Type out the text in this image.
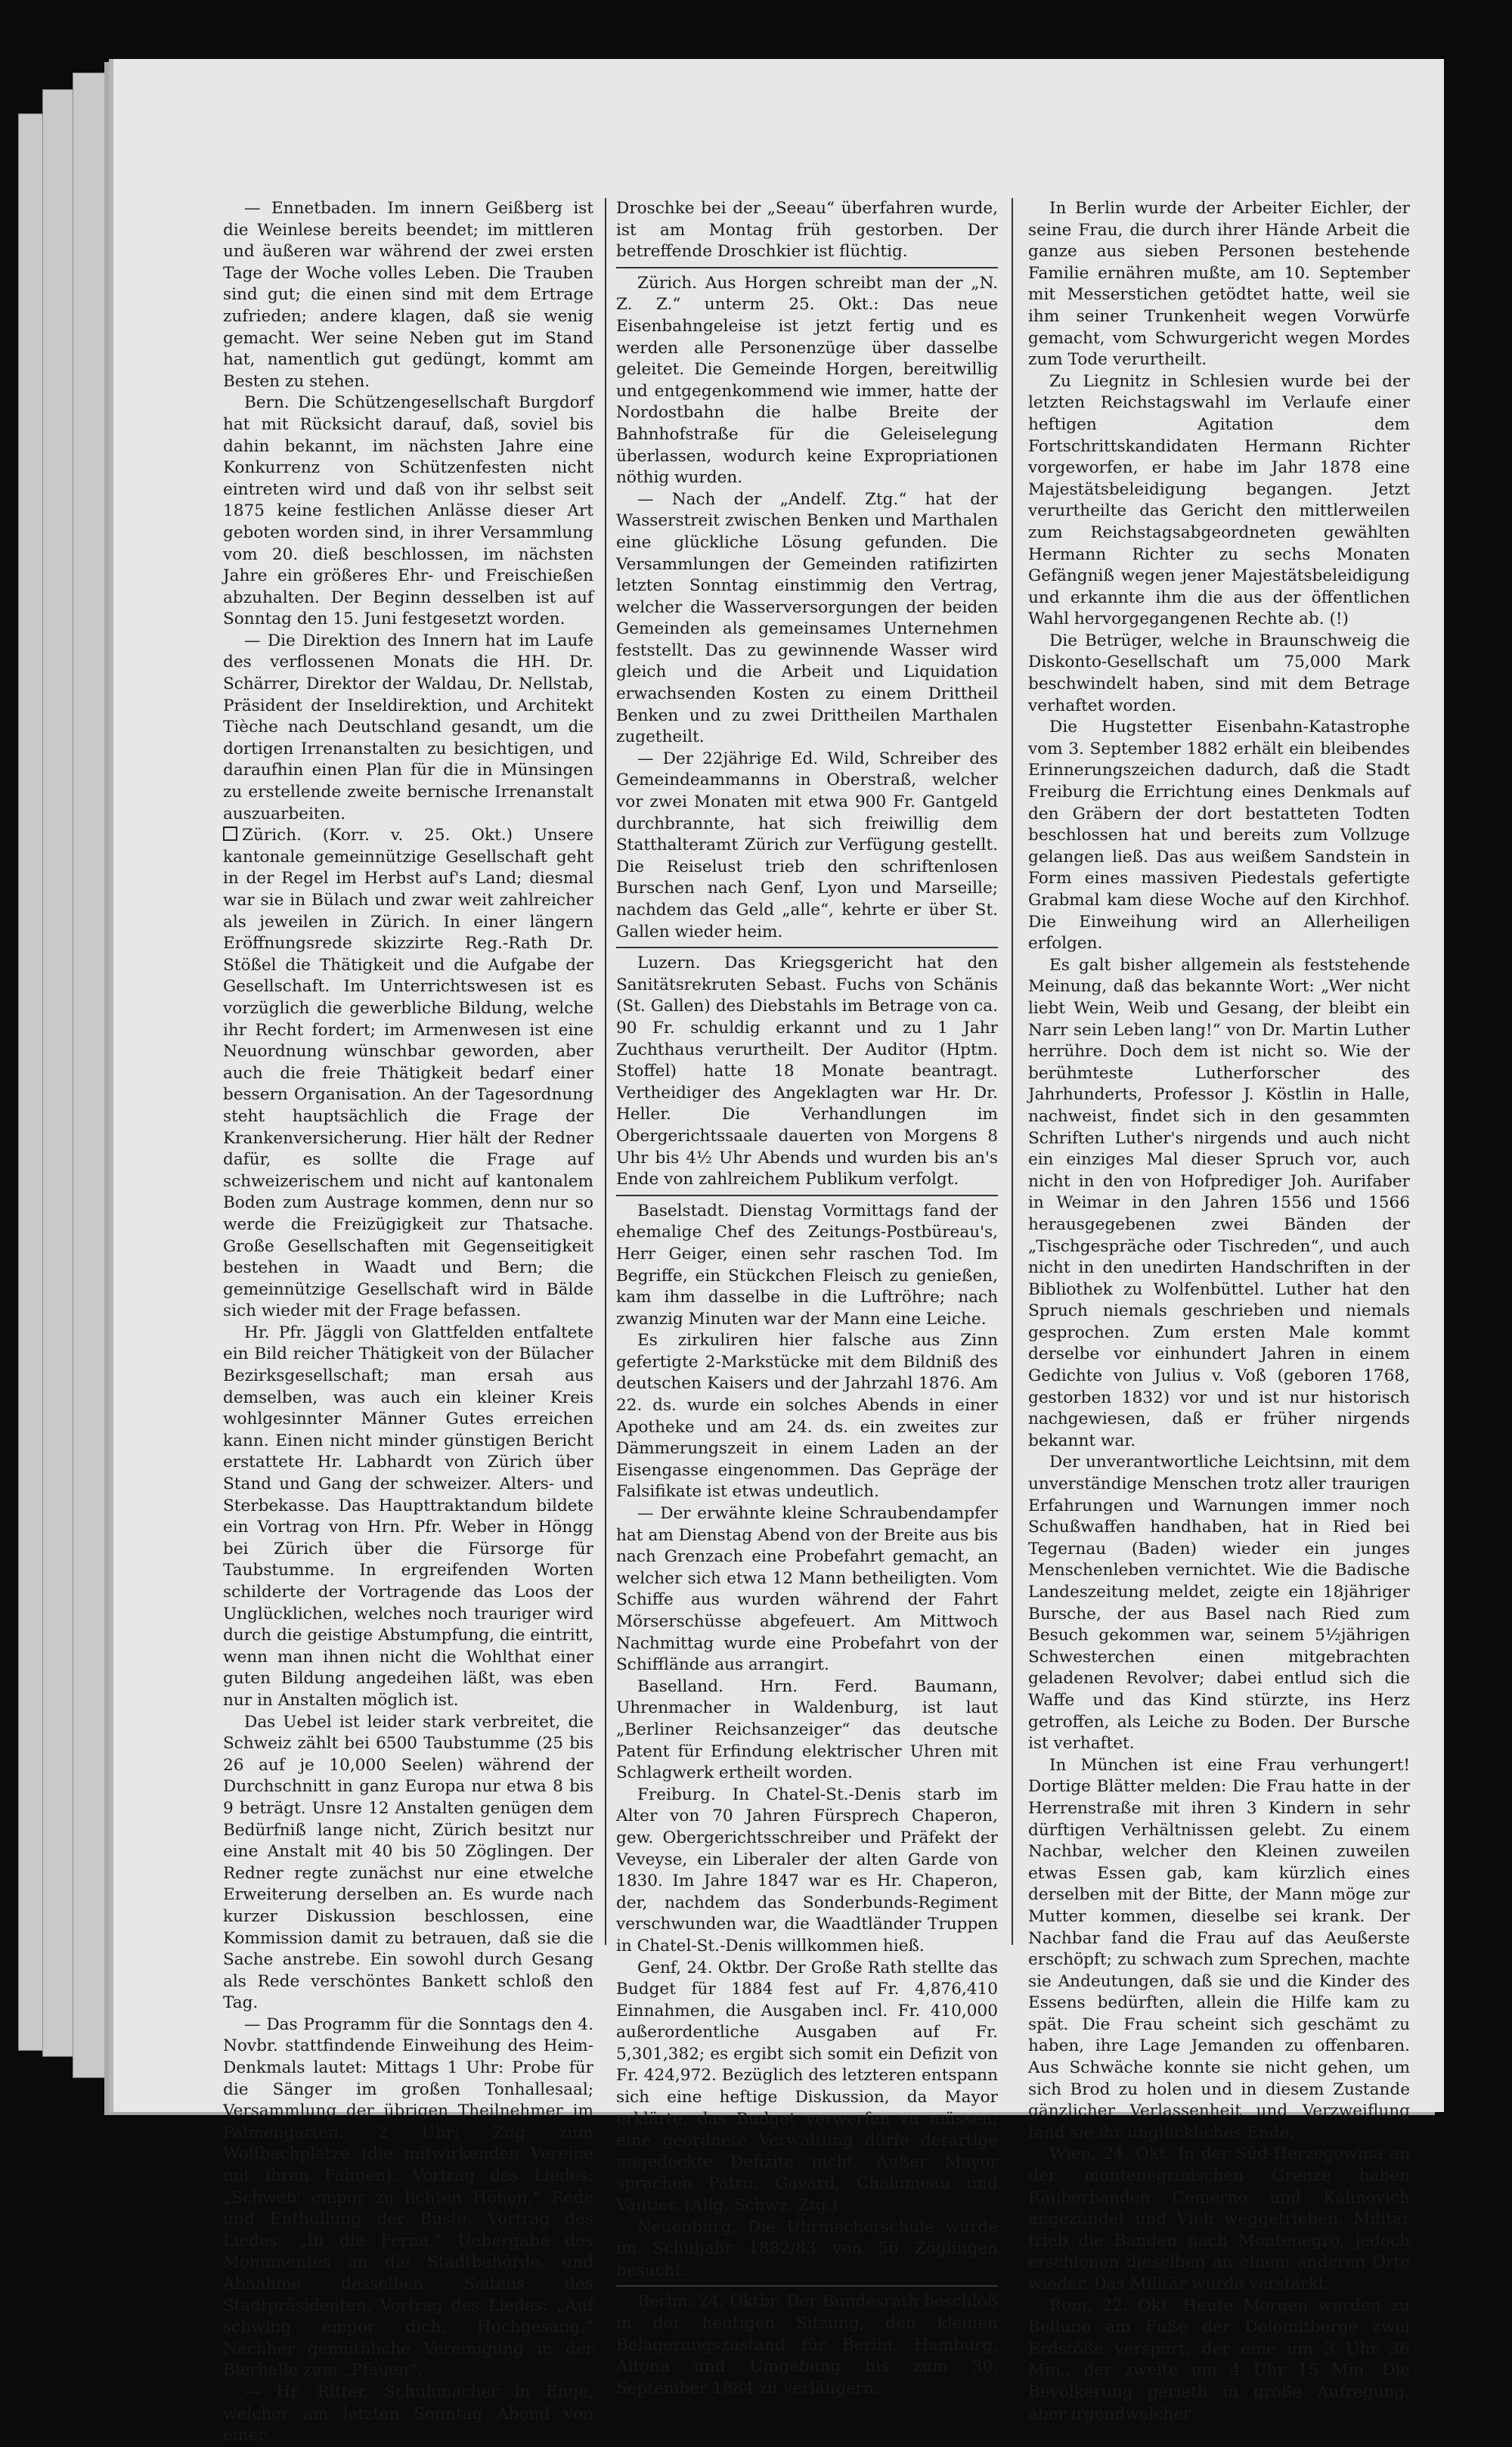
— Ennetbaden. Im innern Geißberg ist die Weinlese bereits beendet; im mittleren und äußeren war während der zwei ersten Tage der Woche volles Leben. Die Trauben sind gut; die einen sind mit dem Ertrage zufrieden; andere klagen, daß sie wenig gemacht. Wer seine Neben gut im Stand hat, namentlich gut gedüngt, kommt am Besten zu stehen.

Bern. Die Schützengesellschaft Burgdorf hat mit Rücksicht darauf, daß, soviel bis dahin bekannt, im nächsten Jahre eine Konkurrenz von Schützenfesten nicht eintreten wird und daß von ihr selbst seit 1875 keine festlichen Anlässe dieser Art geboten worden sind, in ihrer Versammlung vom 20. dieß beschlossen, im nächsten Jahre ein größeres Ehr- und Freischießen abzuhalten. Der Beginn desselben ist auf Sonntag den 15. Juni festgesetzt worden.

— Die Direktion des Innern hat im Laufe des verflossenen Monats die HH. Dr. Schärrer, Direktor der Waldau, Dr. Nellstab, Präsident der Inseldirektion, und Architekt Tièche nach Deutschland gesandt, um die dortigen Irrenanstalten zu besichtigen, und daraufhin einen Plan für die in Münsingen zu erstellende zweite bernische Irrenanstalt auszuarbeiten.

Zürich. (Korr. v. 25. Okt.) Unsere kantonale gemeinnützige Gesellschaft geht in der Regel im Herbst auf's Land; diesmal war sie in Bülach und zwar weit zahlreicher als jeweilen in Zürich. In einer längern Eröffnungsrede skizzirte Reg.-Rath Dr. Stößel die Thätigkeit und die Aufgabe der Gesellschaft. Im Unterrichtswesen ist es vorzüglich die gewerbliche Bildung, welche ihr Recht fordert; im Armenwesen ist eine Neuordnung wünschbar geworden, aber auch die freie Thätigkeit bedarf einer bessern Organisation. An der Tagesordnung steht hauptsächlich die Frage der Krankenversicherung. Hier hält der Redner dafür, es sollte die Frage auf schweizerischem und nicht auf kantonalem Boden zum Austrage kommen, denn nur so werde die Freizügigkeit zur Thatsache. Große Gesellschaften mit Gegenseitigkeit bestehen in Waadt und Bern; die gemeinnützige Gesellschaft wird in Bälde sich wieder mit der Frage befassen.

Hr. Pfr. Jäggli von Glattfelden entfaltete ein Bild reicher Thätigkeit von der Bülacher Bezirksgesellschaft; man ersah aus demselben, was auch ein kleiner Kreis wohlgesinnter Männer Gutes erreichen kann. Einen nicht minder günstigen Bericht erstattete Hr. Labhardt von Zürich über Stand und Gang der schweizer. Alters- und Sterbekasse. Das Haupttraktandum bildete ein Vortrag von Hrn. Pfr. Weber in Höngg bei Zürich über die Fürsorge für Taubstumme. In ergreifenden Worten schilderte der Vortragende das Loos der Unglücklichen, welches noch trauriger wird durch die geistige Abstumpfung, die eintritt, wenn man ihnen nicht die Wohlthat einer guten Bildung angedeihen läßt, was eben nur in Anstalten möglich ist.

Das Uebel ist leider stark verbreitet, die Schweiz zählt bei 6500 Taubstumme (25 bis 26 auf je 10,000 Seelen) während der Durchschnitt in ganz Europa nur etwa 8 bis 9 beträgt. Unsre 12 Anstalten genügen dem Bedürfniß lange nicht, Zürich besitzt nur eine Anstalt mit 40 bis 50 Zöglingen. Der Redner regte zunächst nur eine etwelche Erweiterung derselben an. Es wurde nach kurzer Diskussion beschlossen, eine Kommission damit zu betrauen, daß sie die Sache anstrebe. Ein sowohl durch Gesang als Rede verschöntes Bankett schloß den Tag.

— Das Programm für die Sonntags den 4. Novbr. stattfindende Einweihung des Heim-Denkmals lautet: Mittags 1 Uhr: Probe für die Sänger im großen Tonhallesaal; Versammlung der übrigen Theilnehmer im Palmengarten. 2 Uhr: Zug zum Wolfbachplatze (die mitwirkenden Vereine mit ihren Fahnen). Vortrag des Liedes: „Schweb' empor zu lichten Höhen.“ Rede und Enthüllung der Büste. Vortrag des Liedes: „In die Ferne.“ Uebergabe des Monumentes an die Stadtbehörde, und Abnahme desselben Seitens des Stadtpräsidenten. Vortrag des Liedes: „Auf schwing empor dich, Hochgesang.“ Nachher gemüthliche Vereinigung in der Bierhalle zum „Pfauen“.

— Hr. Ritter, Schuhmacher in Enge, welcher am letzten Sonntag Abend von einer

Droschke bei der „Seeau“ überfahren wurde, ist am Montag früh gestorben. Der betreffende Droschkier ist flüchtig.

Zürich. Aus Horgen schreibt man der „N. Z. Z.“ unterm 25. Okt.: Das neue Eisenbahngeleise ist jetzt fertig und es werden alle Personenzüge über dasselbe geleitet. Die Gemeinde Horgen, bereitwillig und entgegenkommend wie immer, hatte der Nordostbahn die halbe Breite der Bahnhofstraße für die Geleiselegung überlassen, wodurch keine Expropriationen nöthig wurden.

— Nach der „Andelf. Ztg.“ hat der Wasserstreit zwischen Benken und Marthalen eine glückliche Lösung gefunden. Die Versammlungen der Gemeinden ratifizirten letzten Sonntag einstimmig den Vertrag, welcher die Wasserversorgungen der beiden Gemeinden als gemeinsames Unternehmen feststellt. Das zu gewinnende Wasser wird gleich und die Arbeit und Liquidation erwachsenden Kosten zu einem Drittheil Benken und zu zwei Drittheilen Marthalen zugetheilt.

— Der 22jährige Ed. Wild, Schreiber des Gemeindeammanns in Oberstraß, welcher vor zwei Monaten mit etwa 900 Fr. Gantgeld durchbrannte, hat sich freiwillig dem Statthalteramt Zürich zur Verfügung gestellt. Die Reiselust trieb den schriftenlosen Burschen nach Genf, Lyon und Marseille; nachdem das Geld „alle“, kehrte er über St. Gallen wieder heim.

Luzern. Das Kriegsgericht hat den Sanitätsrekruten Sebast. Fuchs von Schänis (St. Gallen) des Diebstahls im Betrage von ca. 90 Fr. schuldig erkannt und zu 1 Jahr Zuchthaus verurtheilt. Der Auditor (Hptm. Stoffel) hatte 18 Monate beantragt. Vertheidiger des Angeklagten war Hr. Dr. Heller. Die Verhandlungen im Obergerichtssaale dauerten von Morgens 8 Uhr bis 4½ Uhr Abends und wurden bis an's Ende von zahlreichem Publikum verfolgt.

Baselstadt. Dienstag Vormittags fand der ehemalige Chef des Zeitungs-Postbüreau's, Herr Geiger, einen sehr raschen Tod. Im Begriffe, ein Stückchen Fleisch zu genießen, kam ihm dasselbe in die Luftröhre; nach zwanzig Minuten war der Mann eine Leiche.

Es zirkuliren hier falsche aus Zinn gefertigte 2-Markstücke mit dem Bildniß des deutschen Kaisers und der Jahrzahl 1876. Am 22. ds. wurde ein solches Abends in einer Apotheke und am 24. ds. ein zweites zur Dämmerungszeit in einem Laden an der Eisengasse eingenommen. Das Gepräge der Falsifikate ist etwas undeutlich.

— Der erwähnte kleine Schraubendampfer hat am Dienstag Abend von der Breite aus bis nach Grenzach eine Probefahrt gemacht, an welcher sich etwa 12 Mann betheiligten. Vom Schiffe aus wurden während der Fahrt Mörserschüsse abgefeuert. Am Mittwoch Nachmittag wurde eine Probefahrt von der Schifflände aus arrangirt.

Baselland. Hrn. Ferd. Baumann, Uhrenmacher in Waldenburg, ist laut „Berliner Reichsanzeiger“ das deutsche Patent für Erfindung elektrischer Uhren mit Schlagwerk ertheilt worden.

Freiburg. In Chatel-St.-Denis starb im Alter von 70 Jahren Fürsprech Chaperon, gew. Obergerichtsschreiber und Präfekt der Veveyse, ein Liberaler der alten Garde von 1830. Im Jahre 1847 war es Hr. Chaperon, der, nachdem das Sonderbunds-Regiment verschwunden war, die Waadtländer Truppen in Chatel-St.-Denis willkommen hieß.

Genf, 24. Oktbr. Der Große Rath stellte das Budget für 1884 fest auf Fr. 4,876,410 Einnahmen, die Ausgaben incl. Fr. 410,000 außerordentliche Ausgaben auf Fr. 5,301,382; es ergibt sich somit ein Defizit von Fr. 424,972. Bezüglich des letzteren entspann sich eine heftige Diskussion, da Mayor erklärte, das Budget verwerfen zu müssen; eine geordnete Verwaltung dürfe derartige ungedeckte Defizite nicht. Außer Mayor sprachen Patru, Gavard, Chalumeau und Vautier. (Allg. Schwz. Ztg.)

Neuenburg. Die Uhrmacherschule wurde im Schuljahr 1882/83 von 56 Zöglingen besucht.

Berlin, 24. Oktbr. Der Bundesrath beschloß in der heutigen Sitzung, den kleinen Belagerungszustand für Berlin, Hamburg, Altona und Umgebung bis zum 30. September 1884 zu verlängern.

In Berlin wurde der Arbeiter Eichler, der seine Frau, die durch ihrer Hände Arbeit die ganze aus sieben Personen bestehende Familie ernähren mußte, am 10. September mit Messerstichen getödtet hatte, weil sie ihm seiner Trunkenheit wegen Vorwürfe gemacht, vom Schwurgericht wegen Mordes zum Tode verurtheilt.

Zu Liegnitz in Schlesien wurde bei der letzten Reichstagswahl im Verlaufe einer heftigen Agitation dem Fortschrittskandidaten Hermann Richter vorgeworfen, er habe im Jahr 1878 eine Majestätsbeleidigung begangen. Jetzt verurtheilte das Gericht den mittlerweilen zum Reichstagsabgeordneten gewählten Hermann Richter zu sechs Monaten Gefängniß wegen jener Majestätsbeleidigung und erkannte ihm die aus der öffentlichen Wahl hervorgegangenen Rechte ab. (!)

Die Betrüger, welche in Braunschweig die Diskonto-Gesellschaft um 75,000 Mark beschwindelt haben, sind mit dem Betrage verhaftet worden.

Die Hugstetter Eisenbahn-Katastrophe vom 3. September 1882 erhält ein bleibendes Erinnerungszeichen dadurch, daß die Stadt Freiburg die Errichtung eines Denkmals auf den Gräbern der dort bestatteten Todten beschlossen hat und bereits zum Vollzuge gelangen ließ. Das aus weißem Sandstein in Form eines massiven Piedestals gefertigte Grabmal kam diese Woche auf den Kirchhof. Die Einweihung wird an Allerheiligen erfolgen.

Es galt bisher allgemein als feststehende Meinung, daß das bekannte Wort: „Wer nicht liebt Wein, Weib und Gesang, der bleibt ein Narr sein Leben lang!“ von Dr. Martin Luther herrühre. Doch dem ist nicht so. Wie der berühmteste Lutherforscher des Jahrhunderts, Professor J. Köstlin in Halle, nachweist, findet sich in den gesammten Schriften Luther's nirgends und auch nicht ein einziges Mal dieser Spruch vor, auch nicht in den von Hofprediger Joh. Aurifaber in Weimar in den Jahren 1556 und 1566 herausgegebenen zwei Bänden der „Tischgespräche oder Tischreden“, und auch nicht in den unedirten Handschriften in der Bibliothek zu Wolfenbüttel. Luther hat den Spruch niemals geschrieben und niemals gesprochen. Zum ersten Male kommt derselbe vor einhundert Jahren in einem Gedichte von Julius v. Voß (geboren 1768, gestorben 1832) vor und ist nur historisch nachgewiesen, daß er früher nirgends bekannt war.

Der unverantwortliche Leichtsinn, mit dem unverständige Menschen trotz aller traurigen Erfahrungen und Warnungen immer noch Schußwaffen handhaben, hat in Ried bei Tegernau (Baden) wieder ein junges Menschenleben vernichtet. Wie die Badische Landeszeitung meldet, zeigte ein 18jähriger Bursche, der aus Basel nach Ried zum Besuch gekommen war, seinem 5½jährigen Schwesterchen einen mitgebrachten geladenen Revolver; dabei entlud sich die Waffe und das Kind stürzte, ins Herz getroffen, als Leiche zu Boden. Der Bursche ist verhaftet.

In München ist eine Frau verhungert! Dortige Blätter melden: Die Frau hatte in der Herrenstraße mit ihren 3 Kindern in sehr dürftigen Verhältnissen gelebt. Zu einem Nachbar, welcher den Kleinen zuweilen etwas Essen gab, kam kürzlich eines derselben mit der Bitte, der Mann möge zur Mutter kommen, dieselbe sei krank. Der Nachbar fand die Frau auf das Aeußerste erschöpft; zu schwach zum Sprechen, machte sie Andeutungen, daß sie und die Kinder des Essens bedürften, allein die Hilfe kam zu spät. Die Frau scheint sich geschämt zu haben, ihre Lage Jemanden zu offenbaren. Aus Schwäche konnte sie nicht gehen, um sich Brod zu holen und in diesem Zustande gänzlicher Verlassenheit und Verzweiflung fand sie ihr unglückliches Ende.

Wien, 24. Okt. In der Süd-Herzegowina an der montenegrinischen Grenze haben Räuberbanden Cemerno und Kalinovich angezündet und Vieh weggetrieben. Militär trieb die Banden nach Montenegro, jedoch erschienen dieselben an einem anderen Orte wieder. Das Militär wurde verstärkt.

Rom, 22. Okt. Heute Morgen wurden zu Belluno am Fuße der Dolomitberge zwei Erdstöße verspürt, der eine um 3 Uhr 36 Min., der zweite um 4 Uhr 15 Min. Die Bevölkerung gerieth in große Aufregung, aber irgendwelcher
